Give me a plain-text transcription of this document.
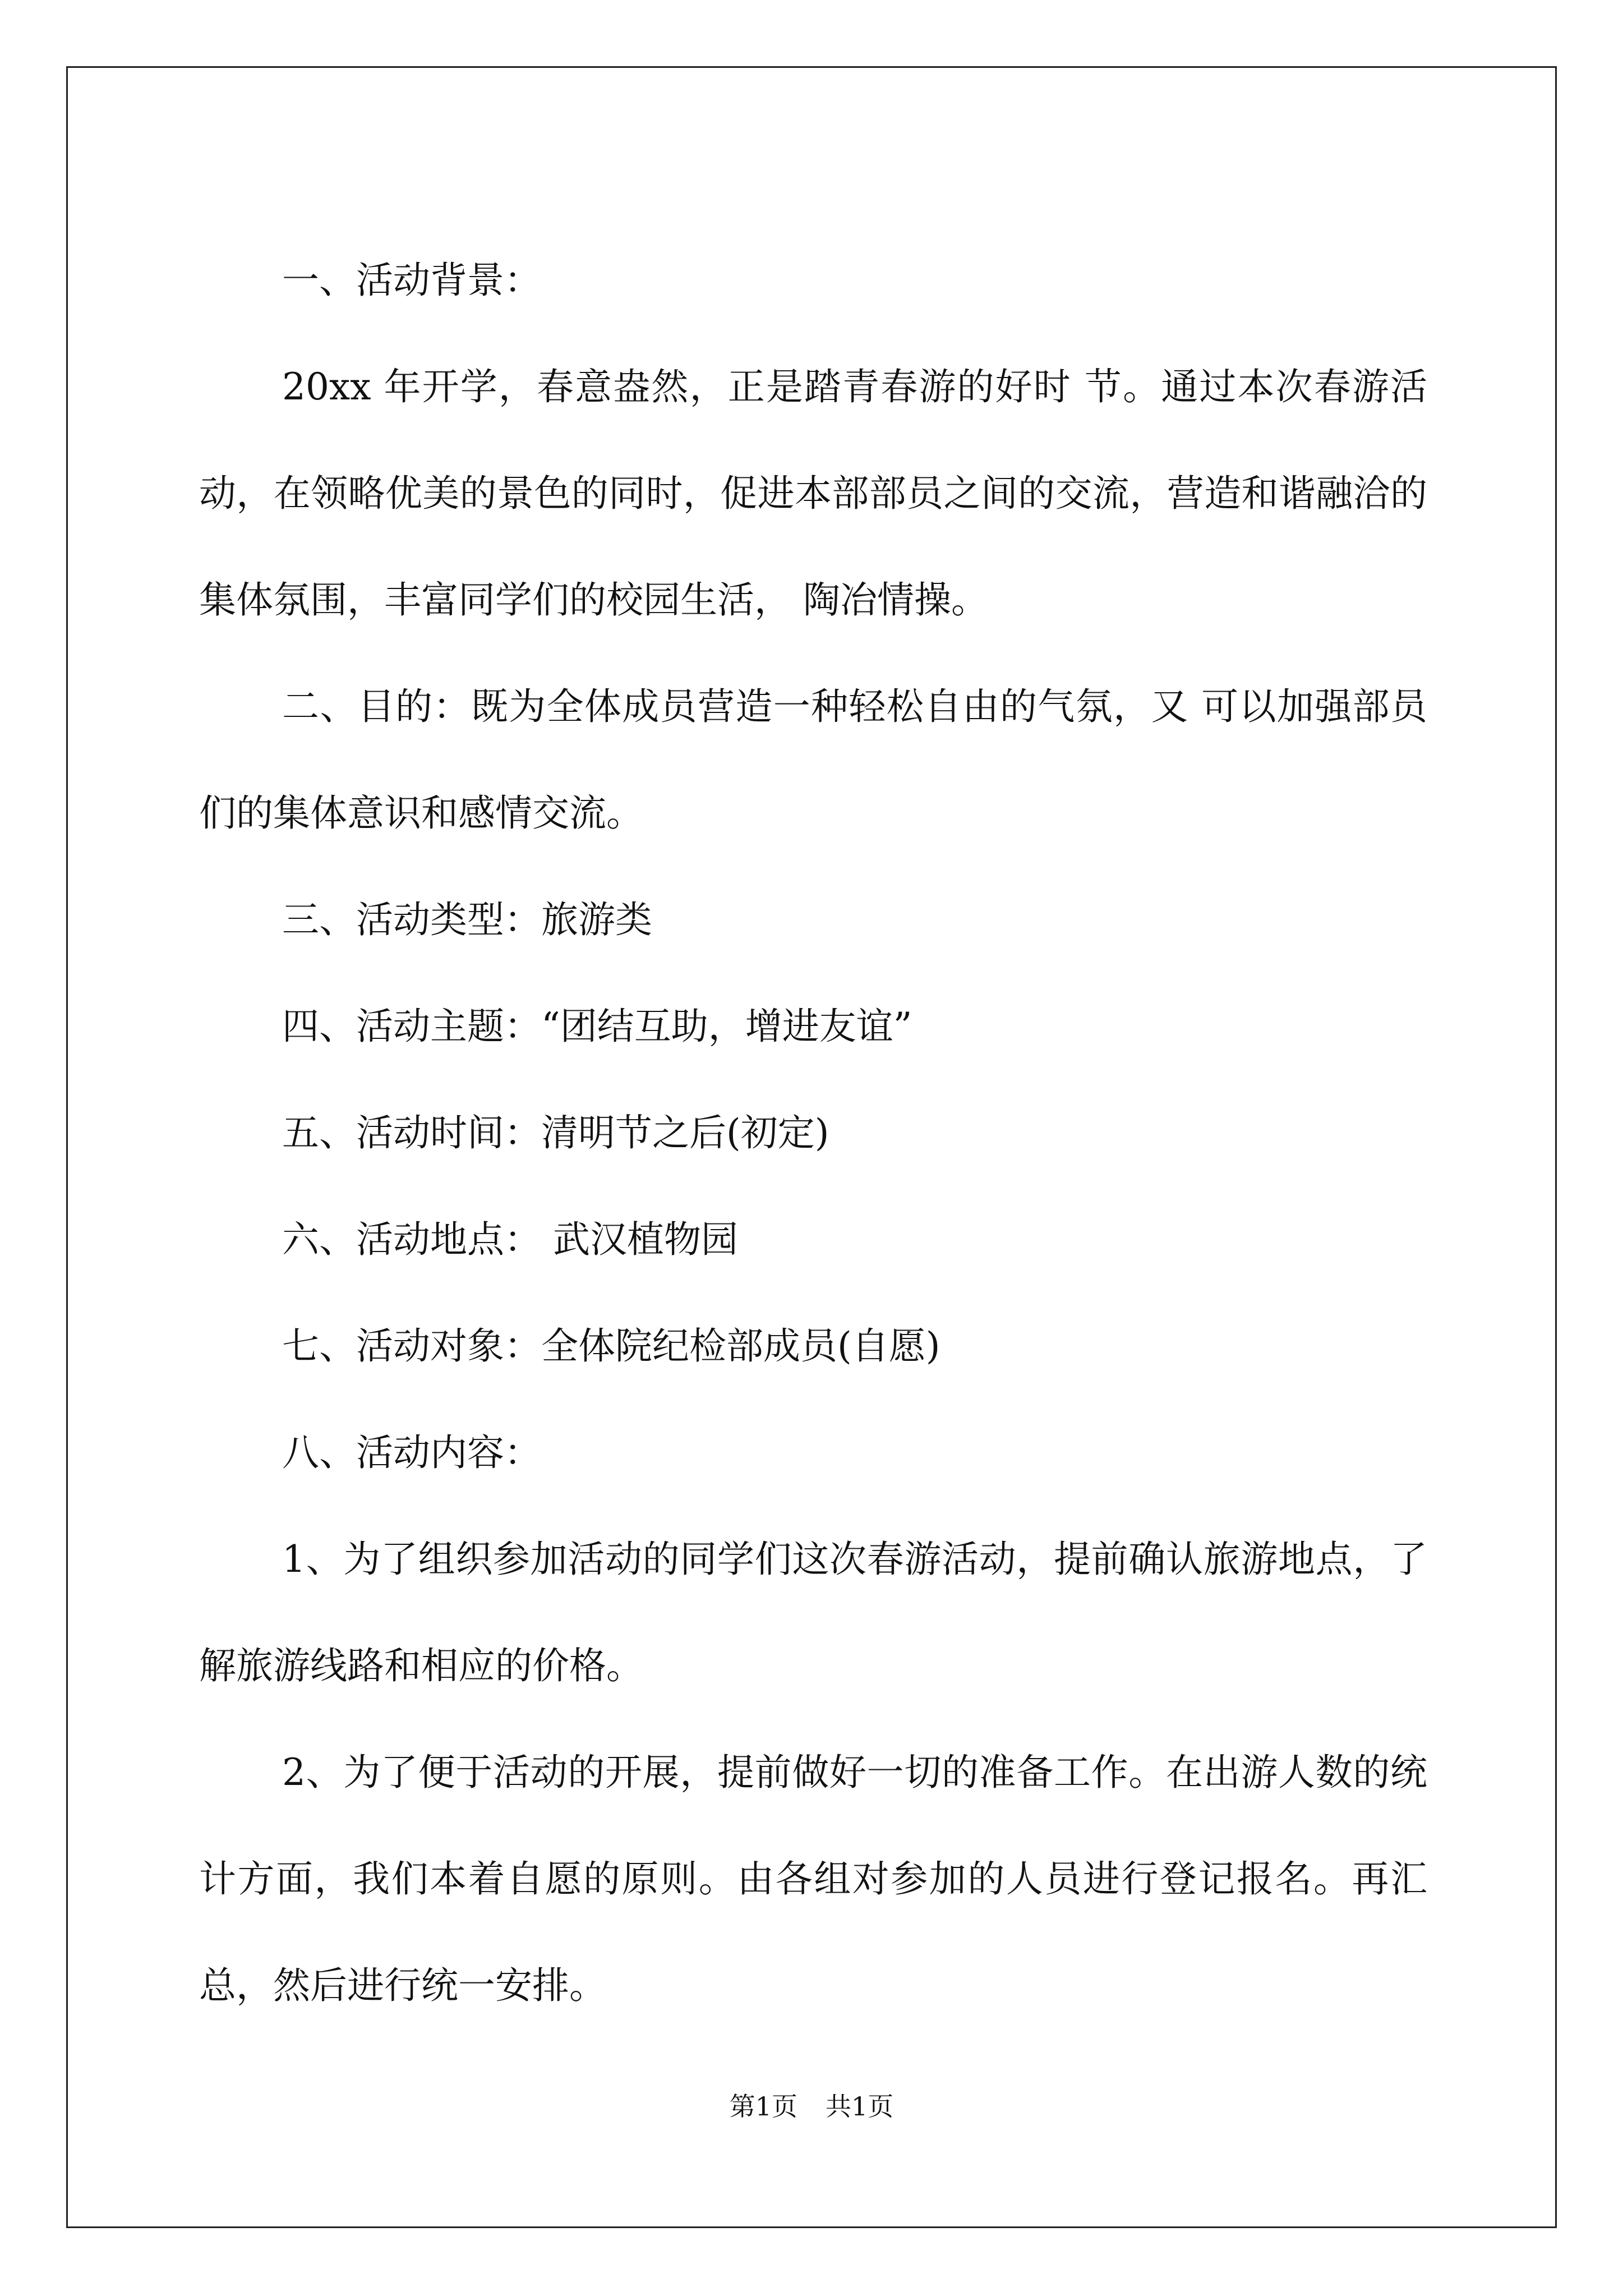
一、活动背景：

20xx 年开学，春意盎然，正是踏青春游的好时 节。通过本次春游活动，在领略优美的景色的同时，促进本部部员之间的交流，营造和谐融洽的集体氛围，丰富同学们的校园生活， 陶冶情操。

二、目的：既为全体成员营造一种轻松自由的气氛，又 可以加强部员们的集体意识和感情交流。

三、活动类型：旅游类

四、活动主题：“团结互助，增进友谊”

五、活动时间：清明节之后(初定)

六、活动地点： 武汉植物园

七、活动对象：全体院纪检部成员(自愿)

八、活动内容：

1、为了组织参加活动的同学们这次春游活动，提前确认旅游地点，了解旅游线路和相应的价格。

2、为了便于活动的开展，提前做好一切的准备工作。在出游人数的统计方面，我们本着自愿的原则。由各组对参加的人员进行登记报名。再汇总，然后进行统一安排。

第1页 共1页
